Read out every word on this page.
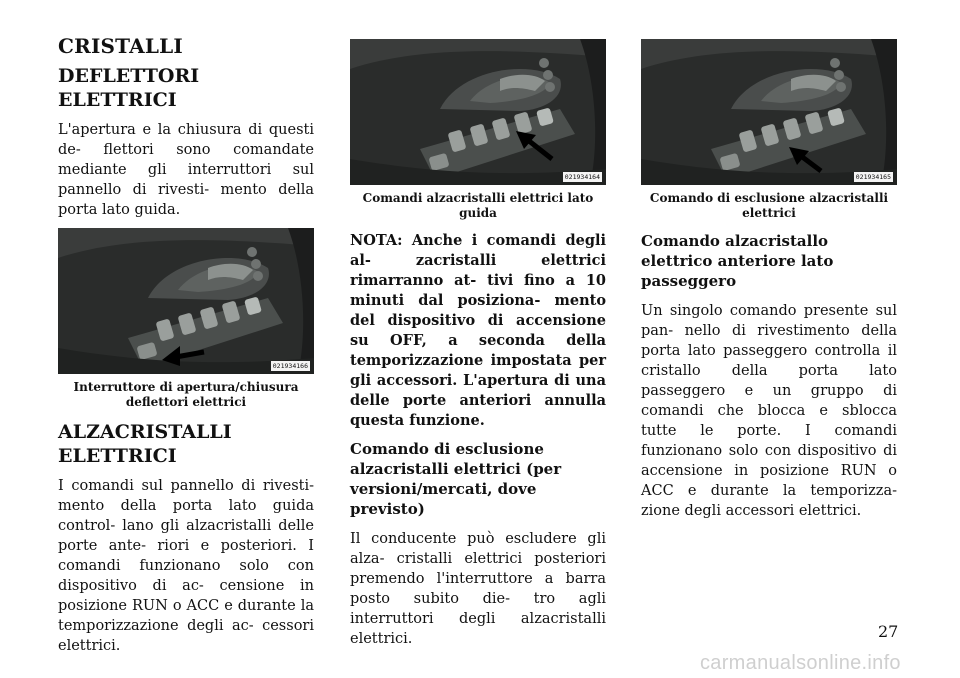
CRISTALLI
DEFLETTORI ELETTRICI

L'apertura e la chiusura di questi de- flettori sono comandate mediante gli interruttori sul pannello di rivesti- mento della porta lato guida.

021934166
Interruttore di apertura/chiusura deflettori elettrici
ALZACRISTALLI ELETTRICI

I comandi sul pannello di rivesti- mento della porta lato guida control- lano gli alzacristalli delle porte ante- riori e posteriori. I comandi funzionano solo con dispositivo di ac- censione in posizione RUN o ACC e durante la temporizzazione degli ac- cessori elettrici.

021934164
Comandi alzacristalli elettrici lato guida

NOTA: Anche i comandi degli al- zacristalli elettrici rimarranno at- tivi fino a 10 minuti dal posiziona- mento del dispositivo di accensione su OFF, a seconda della temporizzazione impostata per gli accessori. L'apertura di una delle porte anteriori annulla questa funzione.

Comando di esclusione alzacristalli elettrici (per versioni/mercati, dove previsto)

Il conducente può escludere gli alza- cristalli elettrici posteriori premendo l'interruttore a barra posto subito die- tro agli interruttori degli alzacristalli elettrici.

021934165
Comando di esclusione alzacristalli elettrici
Comando alzacristallo elettrico anteriore lato passeggero

Un singolo comando presente sul pan- nello di rivestimento della porta lato passeggero controlla il cristallo della porta lato passeggero e un gruppo di comandi che blocca e sblocca tutte le porte. I comandi funzionano solo con dispositivo di accensione in posizione RUN o ACC e durante la temporizza- zione degli accessori elettrici.

27
carmanualsonline.info
